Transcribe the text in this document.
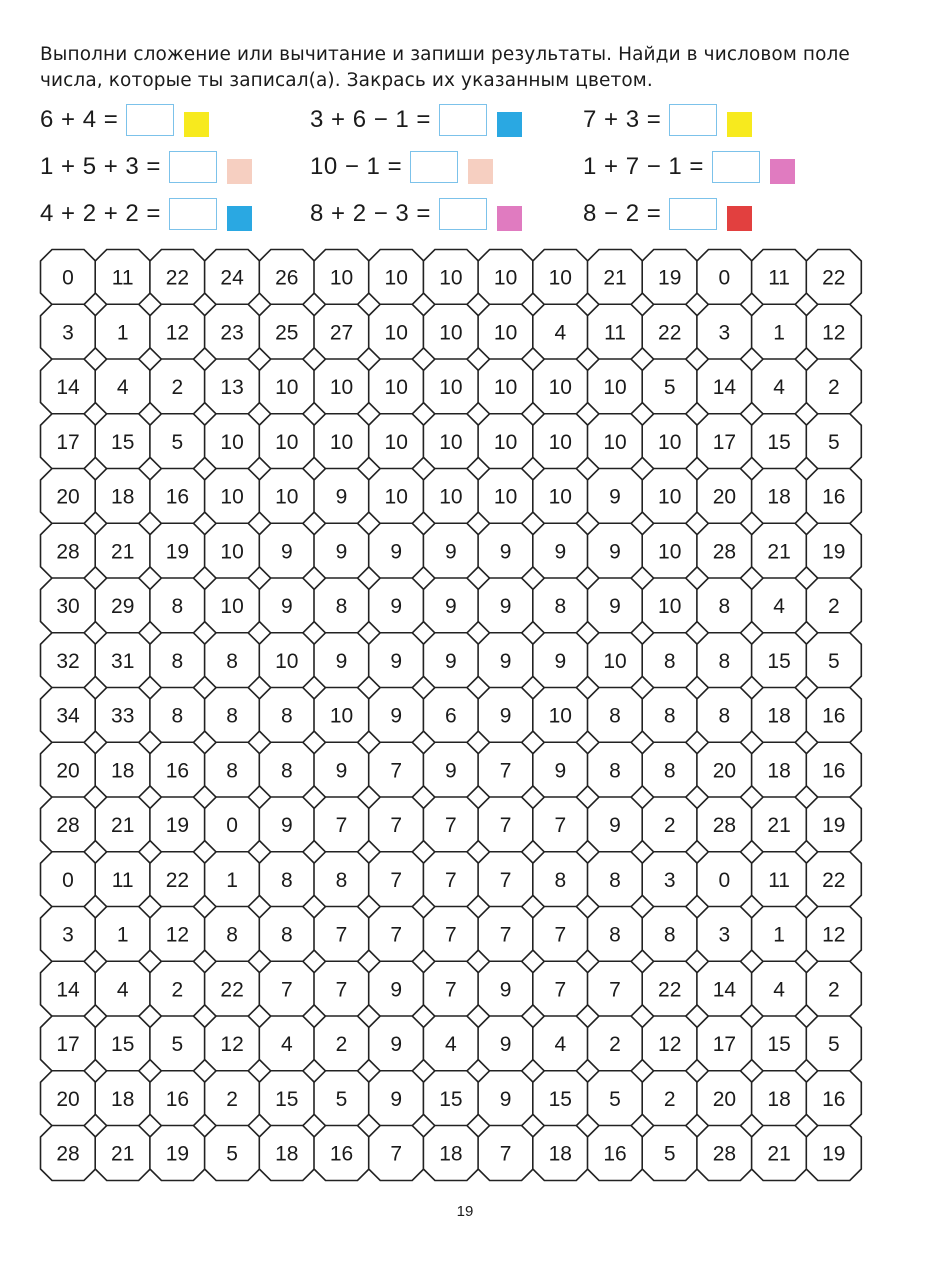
Выполни сложение или вычитание и запиши результаты. Найди в числовом поле
числа, которые ты записал(а). Закрась их указанным цветом.
6 + 4 =	3 + 6 − 1 =	7 + 3 =
1 + 5 + 3 =	10 − 1 =	1 + 7 − 1 =
4 + 2 + 2 =	8 + 2 − 3 =	8 − 2 =
0 11 22 24 26 10 10 10 10 10 21 19 0 11 22
3 1 12 23 25 27 10 10 10 4 11 22 3 1 12
14 4 2 13 10 10 10 10 10 10 10 5 14 4 2
17 15 5 10 10 10 10 10 10 10 10 10 17 15 5
20 18 16 10 10 9 10 10 10 10 9 10 20 18 16
28 21 19 10 9 9 9 9 9 9 9 10 28 21 19
30 29 8 10 9 8 9 9 9 8 9 10 8 4 2
32 31 8 8 10 9 9 9 9 9 10 8 8 15 5
34 33 8 8 8 10 9 6 9 10 8 8 8 18 16
20 18 16 8 8 9 7 9 7 9 8 8 20 18 16
28 21 19 0 9 7 7 7 7 7 9 2 28 21 19
0 11 22 1 8 8 7 7 7 8 8 3 0 11 22
3 1 12 8 8 7 7 7 7 7 8 8 3 1 12
14 4 2 22 7 7 9 7 9 7 7 22 14 4 2
17 15 5 12 4 2 9 4 9 4 2 12 17 15 5
20 18 16 2 15 5 9 15 9 15 5 2 20 18 16
28 21 19 5 18 16 7 18 7 18 16 5 28 21 19
19
